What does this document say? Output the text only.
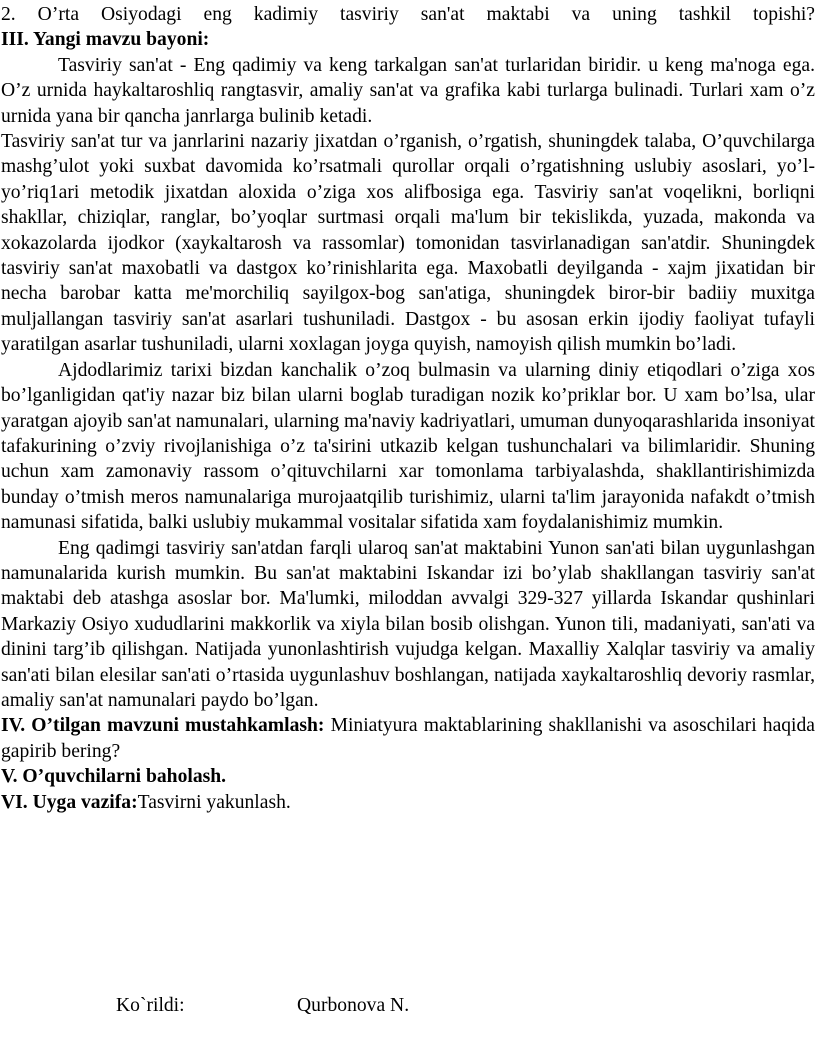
2. O’rta Osiyodagi eng kadimiy tasviriy san'at maktabi va uning tashkil topishi?
III. Yangi mavzu bayoni:
Tasviriy san'at - Eng qadimiy va keng tarkalgan san'at turlaridan biridir. u keng ma'noga ega. O’z urnida haykaltaroshliq rangtasvir, amaliy san'at va grafika kabi turlarga bulinadi. Turlari xam o’z urnida yana bir qancha janrlarga bulinib ketadi.
Tasviriy san'at tur va janrlarini nazariy jixatdan o’rganish, o’rgatish, shuningdek talaba, O’quvchilarga mashg’ulot yoki suxbat davomida ko’rsatmali qurollar orqali o’rgatishning uslubiy asoslari, yo’l-yo’riq1ari metodik jixatdan aloxida o’ziga xos alifbosiga ega. Tasviriy san'at voqelikni, borliqni shakllar, chiziqlar, ranglar, bo’yoqlar surtmasi orqali ma'lum bir tekislikda, yuzada, makonda va xokazolarda ijodkor (xaykaltarosh va rassomlar) tomonidan tasvirlanadigan san'atdir. Shuningdek tasviriy san'at maxobatli va dastgox ko’rinishlarita ega. Maxobatli deyilganda - xajm jixatidan bir necha barobar katta me'morchiliq sayilgox-bog san'atiga, shuningdek biror-bir badiiy muxitga muljallangan tasviriy san'at asarlari tushuniladi. Dastgox - bu asosan erkin ijodiy faoliyat tufayli yaratilgan asarlar tushuniladi, ularni xoxlagan joyga quyish, namoyish qilish mumkin bo’ladi.
Ajdodlarimiz tarixi bizdan kanchalik o’zoq bulmasin va ularning diniy etiqodlari o’ziga xos bo’lganligidan qat'iy nazar biz bilan ularni boglab turadigan nozik ko’priklar bor. U xam bo’lsa, ular yaratgan ajoyib san'at namunalari, ularning ma'naviy kadriyatlari, umuman dunyoqarashlarida insoniyat tafakurining o’zviy rivojlanishiga o’z ta'sirini utkazib kelgan tushunchalari va bilimlaridir. Shuning uchun xam zamonaviy rassom o’qituvchilarni xar tomonlama tarbiyalashda, shakllantirishimizda bunday o’tmish meros namunalariga murojaatqilib turishimiz, ularni ta'lim jarayonida nafakdt o’tmish namunasi sifatida, balki uslubiy mukammal vositalar sifatida xam foydalanishimiz mumkin.
Eng qadimgi tasviriy san'atdan farqli ularoq san'at maktabini Yunon san'ati bilan uygunlashgan namunalarida kurish mumkin. Bu san'at maktabini Iskandar izi bo’ylab shakllangan tasviriy san'at maktabi deb atashga asoslar bor. Ma'lumki, miloddan avvalgi 329-327 yillarda Iskandar qushinlari Markaziy Osiyo xududlarini makkorlik va xiyla bilan bosib olishgan. Yunon tili, madaniyati, san'ati va dinini targ’ib qilishgan. Natijada yunonlashtirish vujudga kelgan. Maxalliy Xalqlar tasviriy va amaliy san'ati bilan elesilar san'ati o’rtasida uygunlashuv boshlangan, natijada xaykaltaroshliq devoriy rasmlar, amaliy san'at namunalari paydo bo’lgan.
IV. O’tilgan mavzuni mustahkamlash: Miniatyura maktablarining shakllanishi va asoschilari haqida gapirib bering?
V. O’quvchilarni baholash.
VI. Uyga vazifa:Tasvirni yakunlash.
Ko`rildi:	Qurbonova N.
